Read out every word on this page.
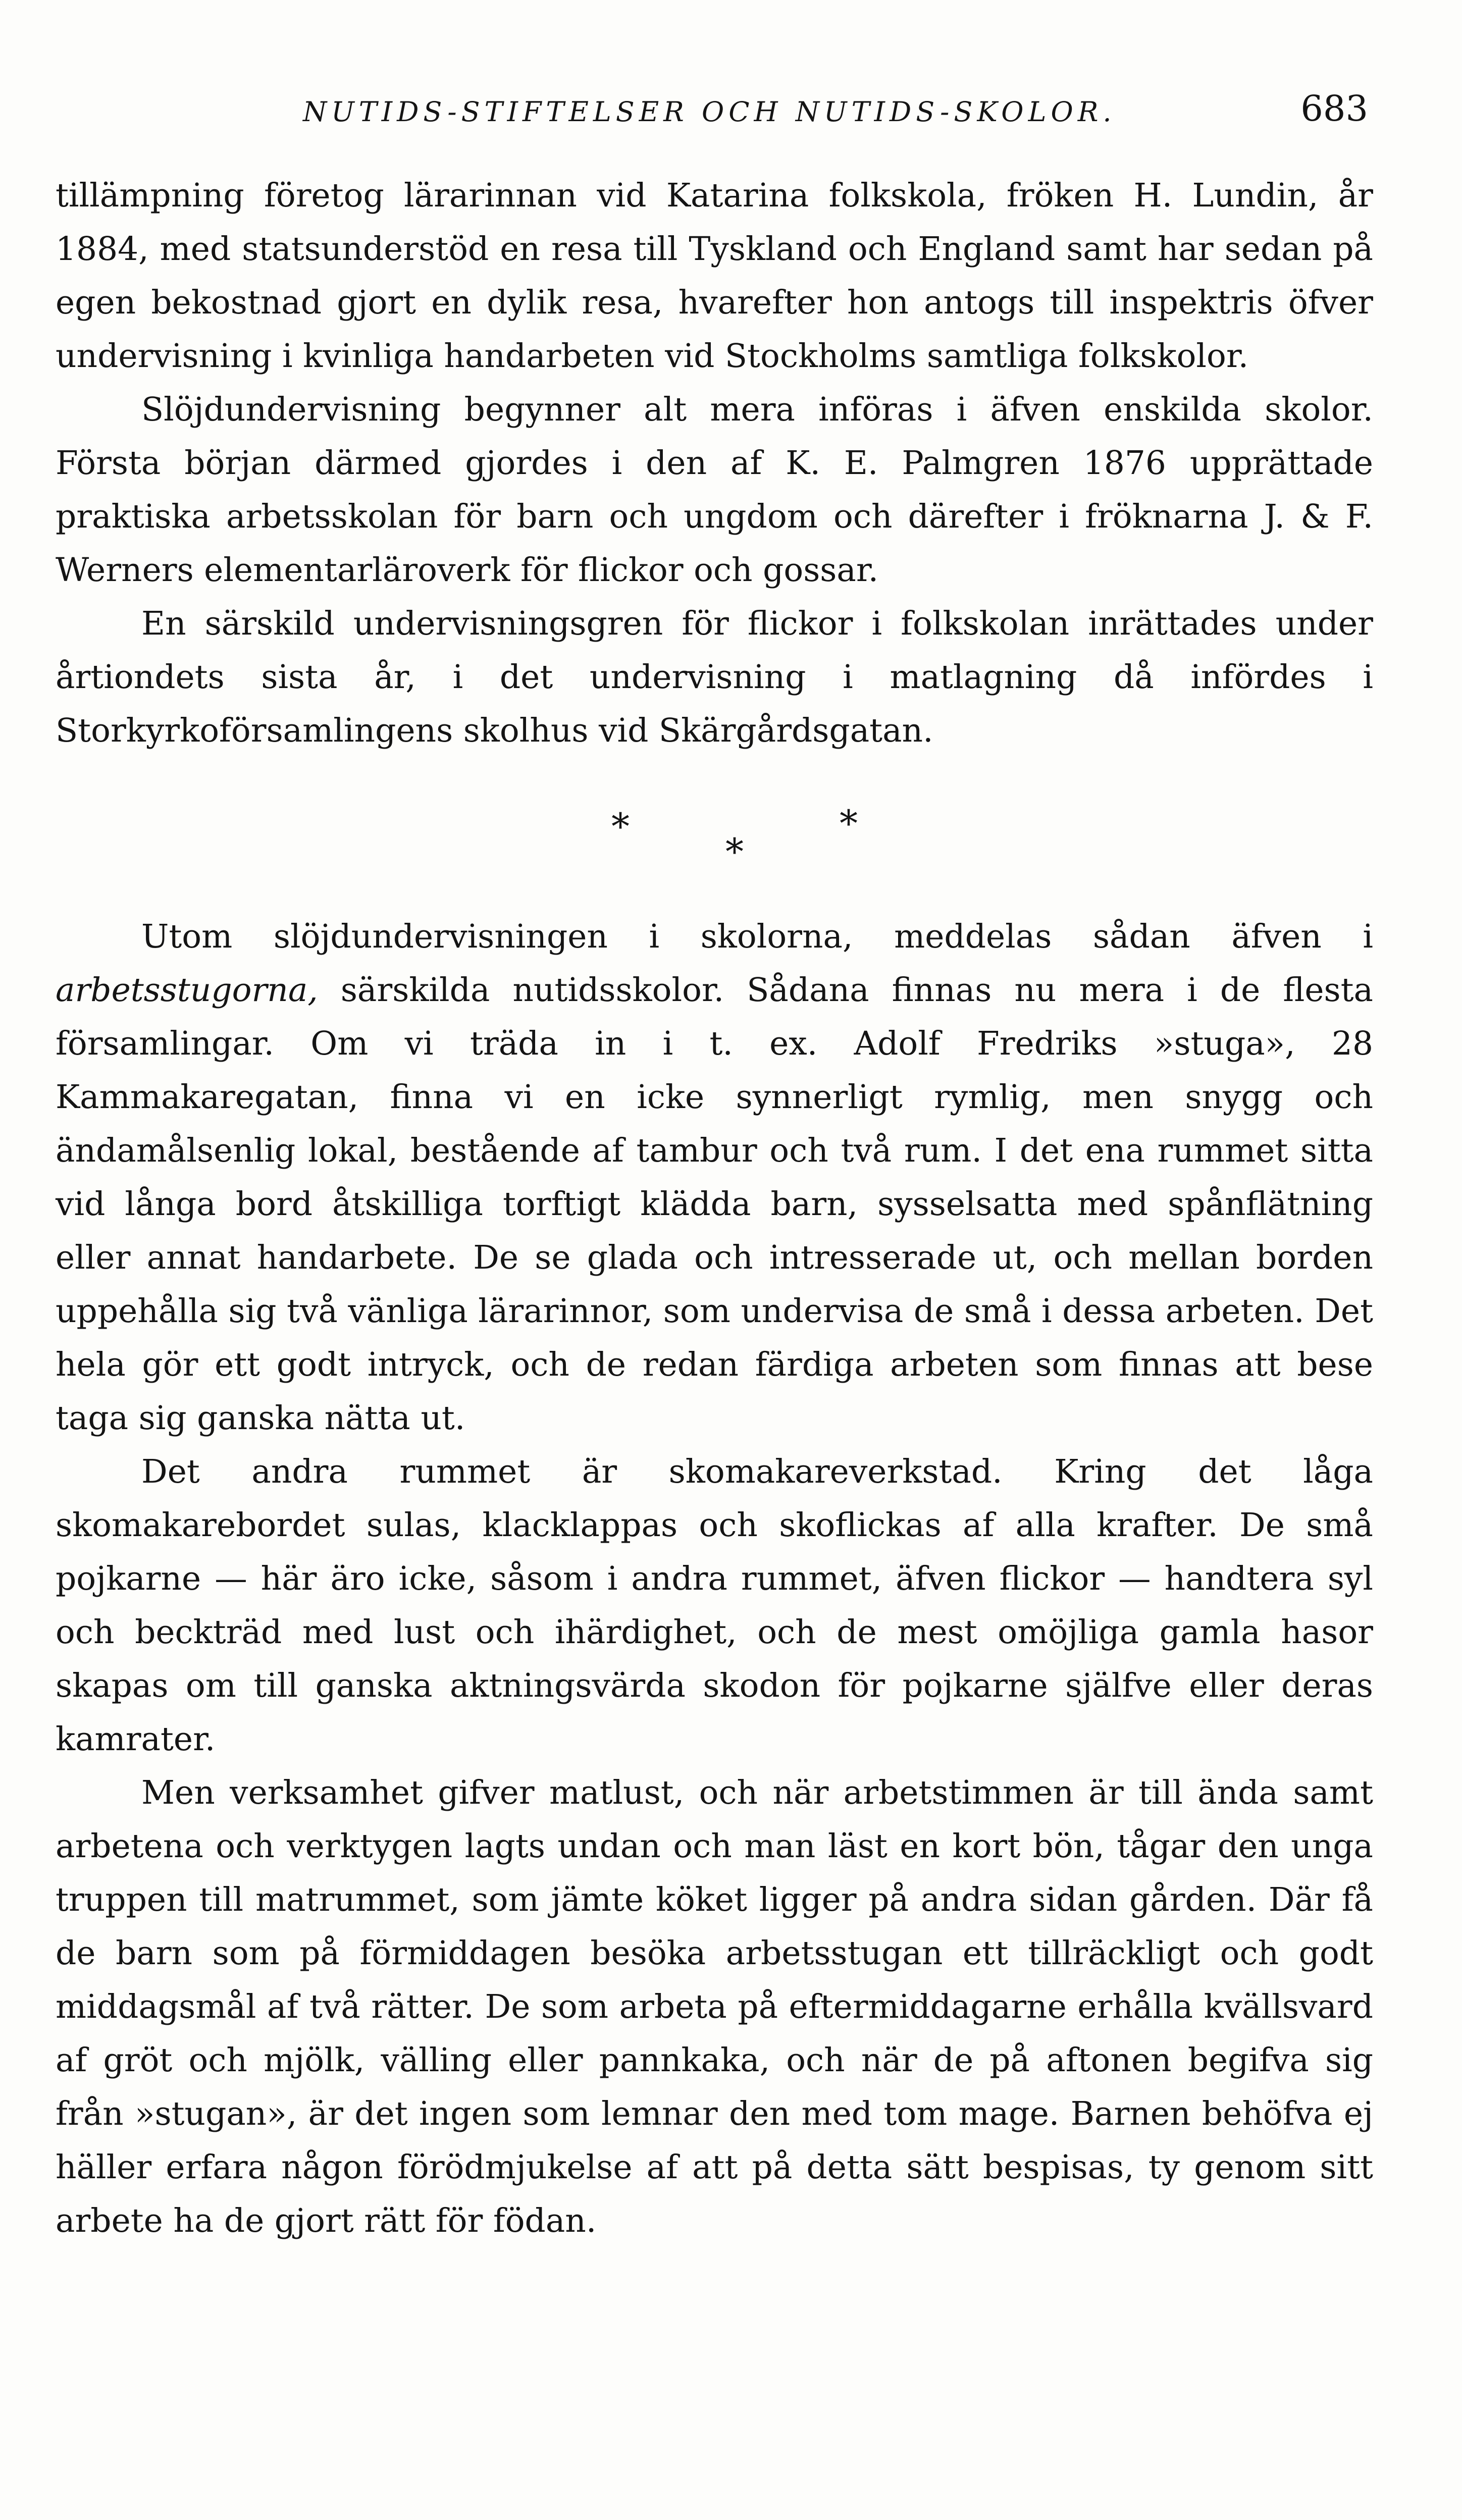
NUTIDS-STIFTELSER OCH NUTIDS-SKOLOR.	683

tillämpning företog lärarinnan vid Katarina folkskola, fröken H. Lundin, år 1884, med statsunderstöd en resa till Tyskland och England samt har sedan på egen bekostnad gjort en dylik resa, hvarefter hon antogs till inspektris öfver undervisning i kvinliga handarbeten vid Stockholms samtliga folkskolor.

Slöjdundervisning begynner alt mera införas i äfven enskilda skolor. Första början därmed gjordes i den af K. E. Palmgren 1876 upprättade praktiska arbetsskolan för barn och ungdom och därefter i fröknarna J. & F. Werners elementarläroverk för flickor och gossar.

En särskild undervisningsgren för flickor i folkskolan inrättades under årtiondets sista år, i det undervisning i matlagning då infördes i Storkyrkoförsamlingens skolhus vid Skärgårdsgatan.

*
*
*

Utom slöjdundervisningen i skolorna, meddelas sådan äfven i arbetsstugorna, särskilda nutidsskolor. Sådana finnas nu mera i de flesta församlingar. Om vi träda in i t. ex. Adolf Fredriks »stuga», 28 Kammakaregatan, finna vi en icke synnerligt rymlig, men snygg och ändamålsenlig lokal, bestående af tambur och två rum. I det ena rummet sitta vid långa bord åtskilliga torftigt klädda barn, sysselsatta med spånflätning eller annat handarbete. De se glada och intresserade ut, och mellan borden uppehålla sig två vänliga lärarinnor, som undervisa de små i dessa arbeten. Det hela gör ett godt intryck, och de redan färdiga arbeten som finnas att bese taga sig ganska nätta ut.

Det andra rummet är skomakareverkstad. Kring det låga skomakarebordet sulas, klacklappas och skoflickas af alla krafter. De små pojkarne — här äro icke, såsom i andra rummet, äfven flickor — handtera syl och beckträd med lust och ihärdighet, och de mest omöjliga gamla hasor skapas om till ganska aktningsvärda skodon för pojkarne själfve eller deras kamrater.

Men verksamhet gifver matlust, och när arbetstimmen är till ända samt arbetena och verktygen lagts undan och man läst en kort bön, tågar den unga truppen till matrummet, som jämte köket ligger på andra sidan gården. Där få de barn som på förmiddagen besöka arbetsstugan ett tillräckligt och godt middagsmål af två rätter. De som arbeta på eftermiddagarne erhålla kvällsvard af gröt och mjölk, välling eller pannkaka, och när de på aftonen begifva sig från »stugan», är det ingen som lemnar den med tom mage. Barnen behöfva ej häller erfara någon förödmjukelse af att på detta sätt bespisas, ty genom sitt arbete ha de gjort rätt för födan.
